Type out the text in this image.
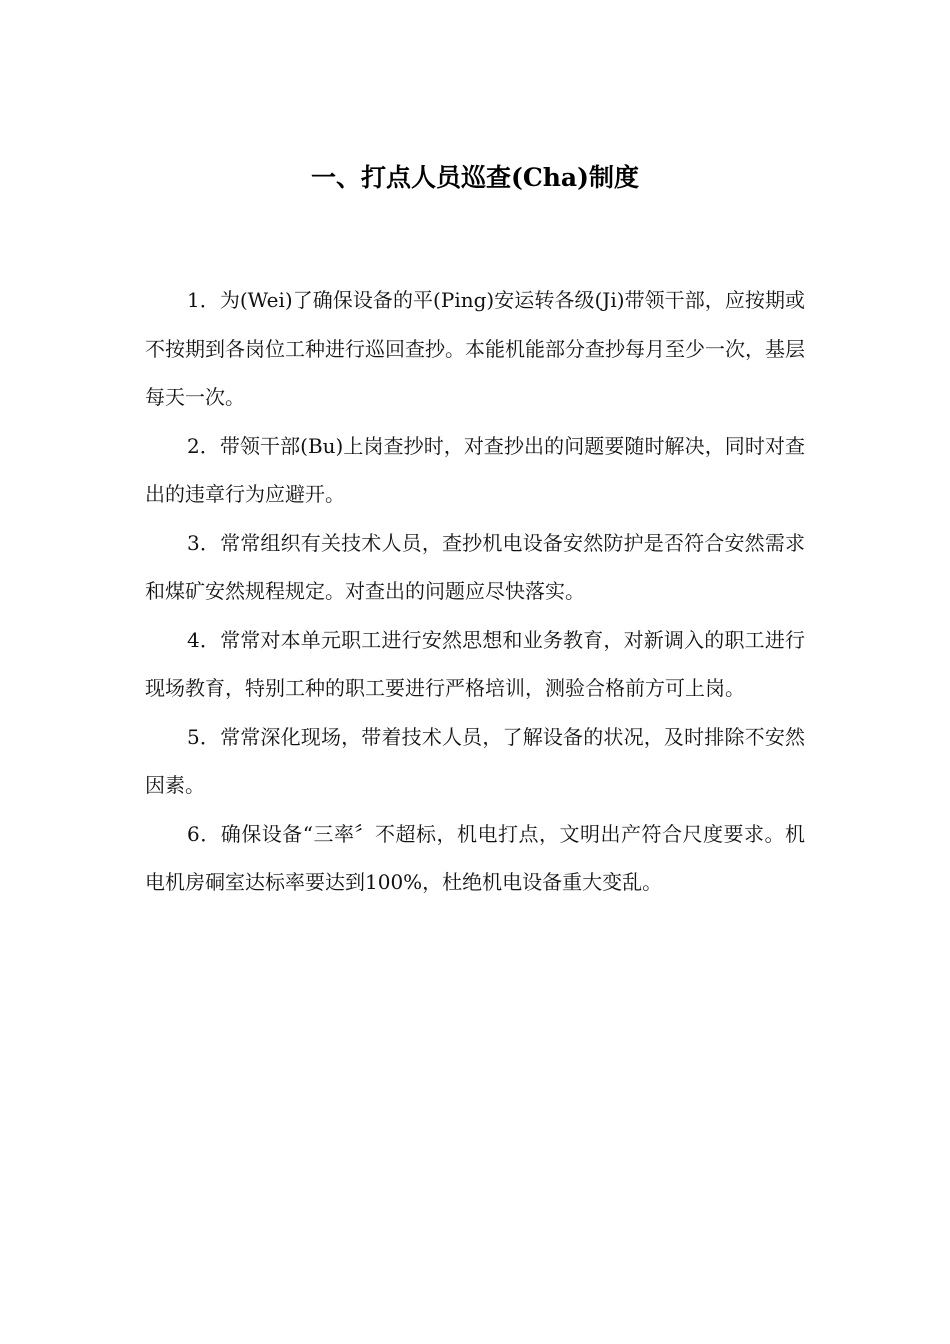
一、打点人员巡查(Cha)制度

1．为(Wei)了确保设备的平(Ping)安运转各级(Ji)带领干部，应按期或不按期到各岗位工种进行巡回查抄。本能机能部分查抄每月至少一次，基层每天一次。

2．带领干部(Bu)上岗查抄时，对查抄出的问题要随时解决，同时对查出的违章行为应避开。

3．常常组织有关技术人员，查抄机电设备安然防护是否符合安然需求和煤矿安然规程规定。对查出的问题应尽快落实。

4．常常对本单元职工进行安然思想和业务教育，对新调入的职工进行现场教育，特别工种的职工要进行严格培训，测验合格前方可上岗。

5．常常深化现场，带着技术人员，了解设备的状况，及时排除不安然因素。

6．确保设备“三率〞不超标，机电打点，文明出产符合尺度要求。机电机房硐室达标率要达到100%，杜绝机电设备重大变乱。
